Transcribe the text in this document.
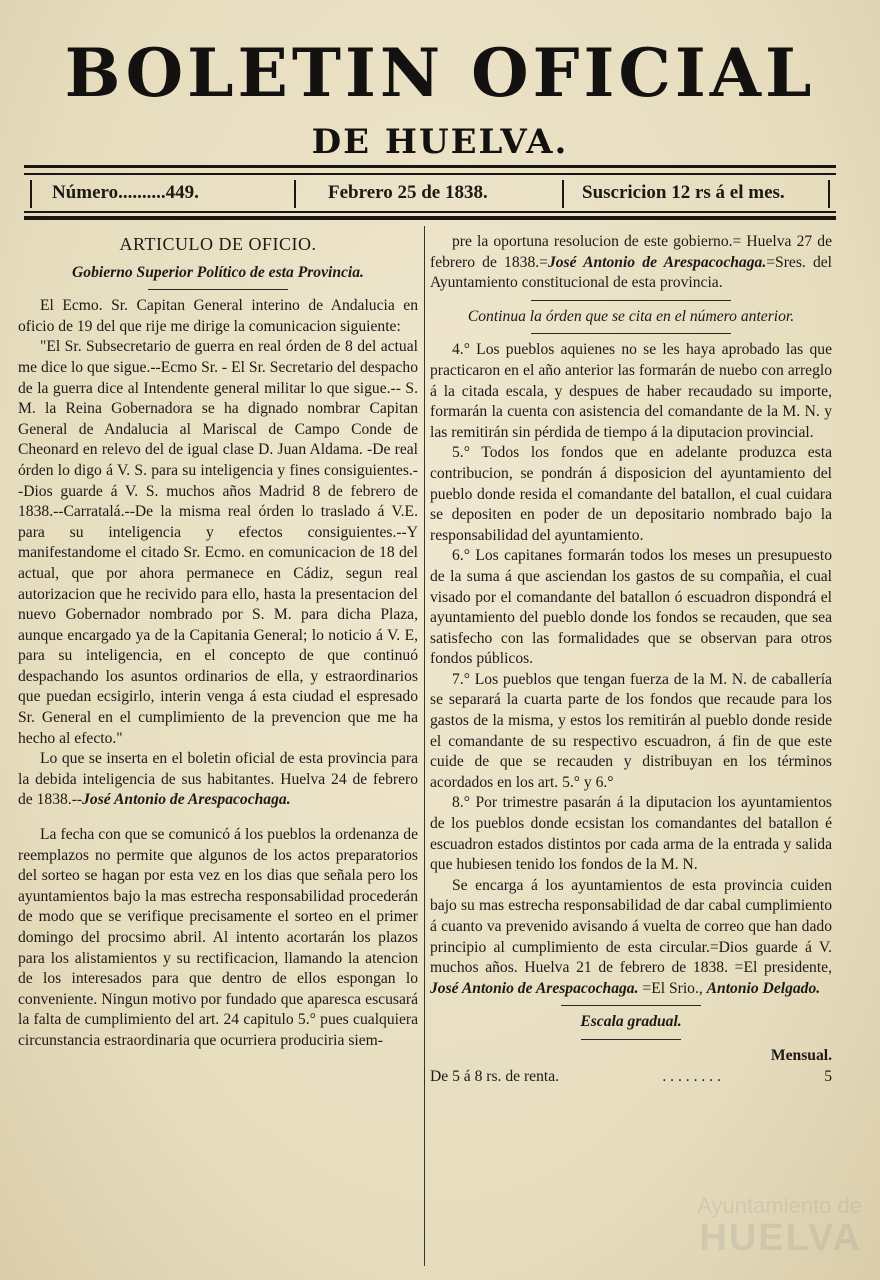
BOLETIN OFICIAL
DE HUELVA.
Número..........449.	Febrero 25 de 1838.	Suscricion 12 rs á el mes.

ARTICULO DE OFICIO.

Gobierno Superior Político de esta Provincia.

El Ecmo. Sr. Capitan General interino de Andalucia en oficio de 19 del que rije me dirige la comunicacion siguiente:

"El Sr. Subsecretario de guerra en real órden de 8 del actual me dice lo que sigue.--Ecmo Sr. - El Sr. Secretario del despacho de la guerra dice al Intendente general militar lo que sigue.-- S. M. la Reina Gobernadora se ha dignado nombrar Capitan General de Andalucia al Mariscal de Campo Conde de Cheonard en relevo del de igual clase D. Juan Aldama. -De real órden lo digo á V. S. para su inteligencia y fines consiguientes.--Dios guarde á V. S. muchos años Madrid 8 de febrero de 1838.--Carratalá.--De la misma real órden lo traslado á V.E. para su inteligencia y efectos consiguientes.--Y manifestandome el citado Sr. Ecmo. en comunicacion de 18 del actual, que por ahora permanece en Cádiz, segun real autorizacion que he recivido para ello, hasta la presentacion del nuevo Gobernador nombrado por S. M. para dicha Plaza, aunque encargado ya de la Capitania General; lo noticio á V. E, para su inteligencia, en el concepto de que continuó despachando los asuntos ordinarios de ella, y estraordinarios que puedan ecsigirlo, interin venga á esta ciudad el espresado Sr. General en el cumplimiento de la prevencion que me ha hecho al efecto."

Lo que se inserta en el boletin oficial de esta provincia para la debida inteligencia de sus habitantes. Huelva 24 de febrero de 1838.--José Antonio de Arespacochaga.

La fecha con que se comunicó á los pueblos la ordenanza de reemplazos no permite que algunos de los actos preparatorios del sorteo se hagan por esta vez en los dias que señala pero los ayuntamientos bajo la mas estrecha responsabilidad procederán de modo que se verifique precisamente el sorteo en el primer domingo del procsimo abril. Al intento acortarán los plazos para los alistamientos y su rectificacion, llamando la atencion de los interesados para que dentro de ellos espongan lo conveniente. Ningun motivo por fundado que aparesca escusará la falta de cumplimiento del art. 24 capitulo 5.° pues cualquiera circunstancia estraordinaria que ocurriera produciria siem-

pre la oportuna resolucion de este gobierno.= Huelva 27 de febrero de 1838.=José Antonio de Arespacochaga.=Sres. del Ayuntamiento constitucional de esta provincia.

Continua la órden que se cita en el número anterior.

4.° Los pueblos aquienes no se les haya aprobado las que practicaron en el año anterior las formarán de nuebo con arreglo á la citada escala, y despues de haber recaudado su importe, formarán la cuenta con asistencia del comandante de la M. N. y las remitirán sin pérdida de tiempo á la diputacion provincial.

5.° Todos los fondos que en adelante produzca esta contribucion, se pondrán á disposicion del ayuntamiento del pueblo donde resida el comandante del batallon, el cual cuidara se depositen en poder de un depositario nombrado bajo la responsabilidad del ayuntamiento.

6.° Los capitanes formarán todos los meses un presupuesto de la suma á que asciendan los gastos de su compañia, el cual visado por el comandante del batallon ó escuadron dispondrá el ayuntamiento del pueblo donde los fondos se recauden, que sea satisfecho con las formalidades que se observan para otros fondos públicos.

7.° Los pueblos que tengan fuerza de la M. N. de caballería se separará la cuarta parte de los fondos que recaude para los gastos de la misma, y estos los remitirán al pueblo donde reside el comandante de su respectivo escuadron, á fin de que este cuide de que se recauden y distribuyan en los términos acordados en los art. 5.° y 6.°

8.° Por trimestre pasarán á la diputacion los ayuntamientos de los pueblos donde ecsistan los comandantes del batallon é escuadron estados distintos por cada arma de la entrada y salida que hubiesen tenido los fondos de la M. N.

Se encarga á los ayuntamientos de esta provincia cuiden bajo su mas estrecha responsabilidad de dar cabal cumplimiento á cuanto va prevenido avisando á vuelta de correo que han dado principio al cumplimiento de esta circular.=Dios guarde á V. muchos años. Huelva 21 de febrero de 1838. =El presidente, José Antonio de Arespacochaga. =El Srio., Antonio Delgado.

Escala gradual.

Mensual.

De 5 á 8 rs. de renta.	. . . . . . . .	5
Ayuntamiento de
HUELVA
